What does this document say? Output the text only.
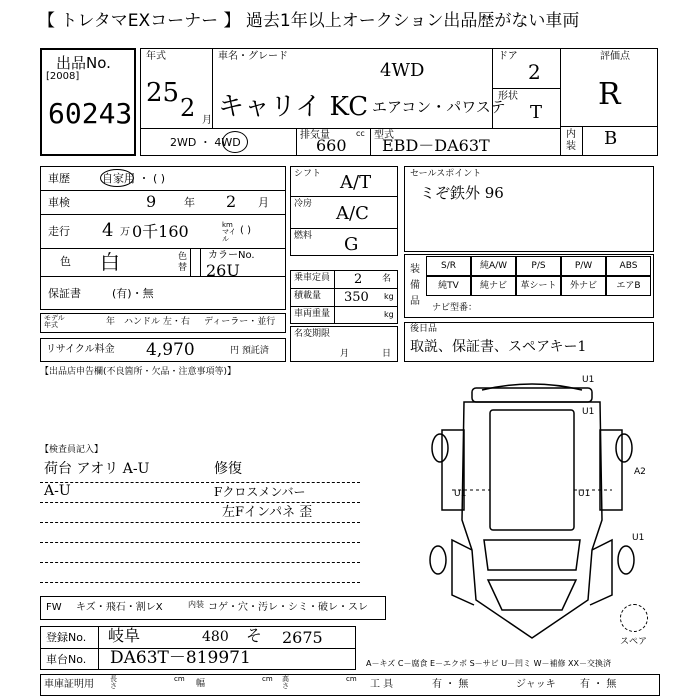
【 トレタマEXコーナー 】 過去1年以上オークション出品歴がない車両
出品No.
[2008]
60243
年式
25 2 月
車名・グレード
4WD
キャリイ KC エアコン・パワステ
ドア
2
形状
T
評価点
R
内装 B
2WD ・ 4WD
排気量
660
cc 型式
EBD－DA63T
車歴	自家用 ・ ( )
車検	9	年 2 月
走行 4 万 0千160	km マイル
( )
色 白	色替
カラーNo.
26U
保証書	(有)・無
モデル年式	年 ハンドル 左・右 ディーラー・並行
リサイクル料金 4,970	円 預託済
シフト A/T
冷房 A/C
燃料 G
乗車定員 2 名
積載量 350 kg
車両重量	kg
名変期限
月	日
セールスポイント
ミぞ鉄外 96
装備品
S/R	純A/W	P/S	P/W	ABS
純TV	純ナビ	革シート	外ナビ	エアB
ナビ型番：
後日品
取説、保証書、スペアキー1
【出品店申告欄(不良箇所・欠品・注意事項等)】
【検査員記入】
荷台 アオリ A-U
A-U
修復
Fクロスメンバー
左Fインパネ 歪
U1
U1
A2
U1	U1
U1
スペア
FW キズ・飛石・割レX	内装 コゲ・穴・汚レ・シミ・破レ・スレ
登録No. 岐阜	480 そ 2675
車台No. DA63T－819971	A－キズ C－腐食 E－エクボ S－サビ U－凹ミ W－補修 XX－交換済
車庫証明用 長さ
cm 幅	cm 高さ
cm 工 具	有 ・ 無	ジャッキ 有 ・ 無
